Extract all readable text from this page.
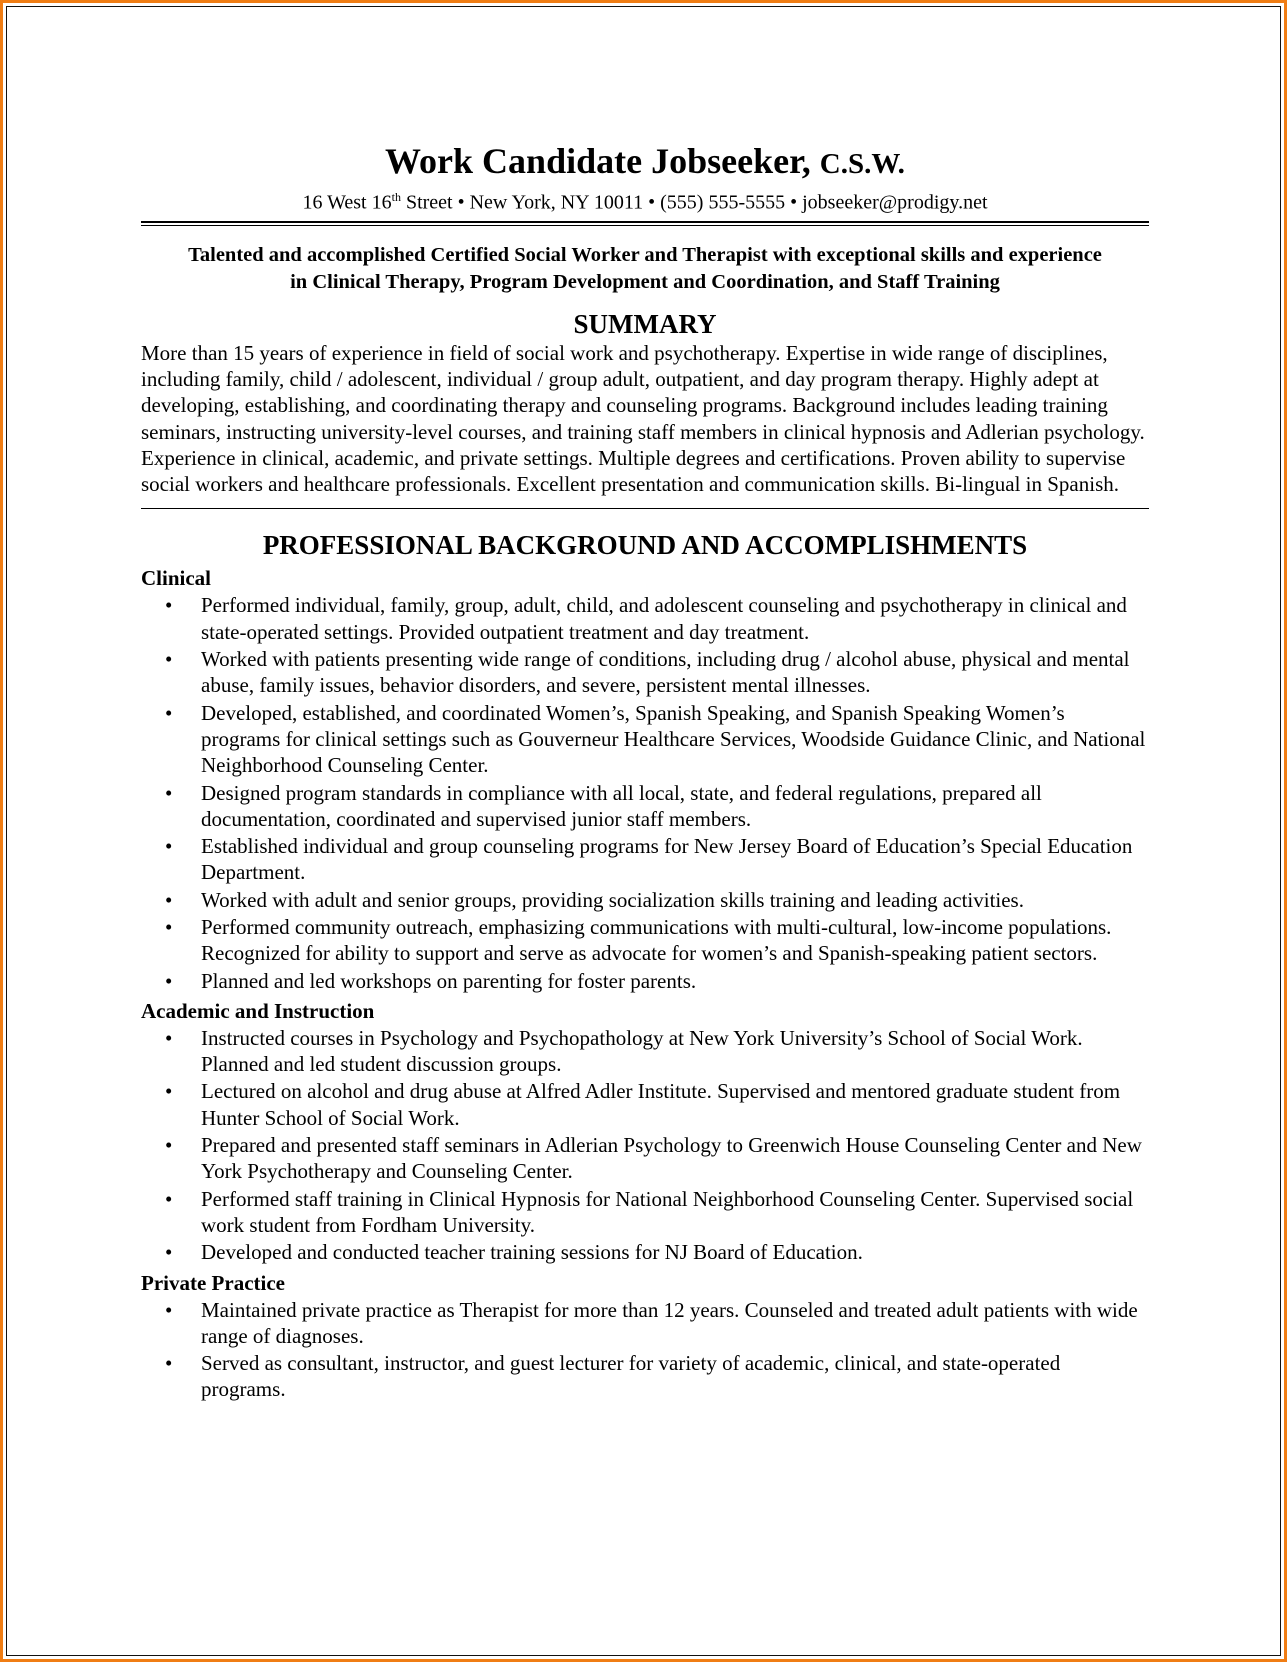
Work Candidate Jobseeker, C.S.W.
16 West 16th Street • New York, NY 10011 • (555) 555-5555 • jobseeker@prodigy.net
Talented and accomplished Certified Social Worker and Therapist with exceptional skills and experience
in Clinical Therapy, Program Development and Coordination, and Staff Training
SUMMARY
More than 15 years of experience in field of social work and psychotherapy. Expertise in wide range of disciplines, including family, child / adolescent, individual / group adult, outpatient, and day program therapy. Highly adept at developing, establishing, and coordinating therapy and counseling programs. Background includes leading training seminars, instructing university-level courses, and training staff members in clinical hypnosis and Adlerian psychology. Experience in clinical, academic, and private settings. Multiple degrees and certifications. Proven ability to supervise social workers and healthcare professionals. Excellent presentation and communication skills. Bi-lingual in Spanish.
PROFESSIONAL BACKGROUND AND ACCOMPLISHMENTS
Clinical
• Performed individual, family, group, adult, child, and adolescent counseling and psychotherapy in clinical and state-operated settings. Provided outpatient treatment and day treatment.
• Worked with patients presenting wide range of conditions, including drug / alcohol abuse, physical and mental abuse, family issues, behavior disorders, and severe, persistent mental illnesses.
• Developed, established, and coordinated Women’s, Spanish Speaking, and Spanish Speaking Women’s programs for clinical settings such as Gouverneur Healthcare Services, Woodside Guidance Clinic, and National Neighborhood Counseling Center.
• Designed program standards in compliance with all local, state, and federal regulations, prepared all documentation, coordinated and supervised junior staff members.
• Established individual and group counseling programs for New Jersey Board of Education’s Special Education Department.
• Worked with adult and senior groups, providing socialization skills training and leading activities.
• Performed community outreach, emphasizing communications with multi-cultural, low-income populations. Recognized for ability to support and serve as advocate for women’s and Spanish-speaking patient sectors.
• Planned and led workshops on parenting for foster parents.
Academic and Instruction
• Instructed courses in Psychology and Psychopathology at New York University’s School of Social Work. Planned and led student discussion groups.
• Lectured on alcohol and drug abuse at Alfred Adler Institute. Supervised and mentored graduate student from Hunter School of Social Work.
• Prepared and presented staff seminars in Adlerian Psychology to Greenwich House Counseling Center and New York Psychotherapy and Counseling Center.
• Performed staff training in Clinical Hypnosis for National Neighborhood Counseling Center. Supervised social work student from Fordham University.
• Developed and conducted teacher training sessions for NJ Board of Education.
Private Practice
• Maintained private practice as Therapist for more than 12 years. Counseled and treated adult patients with wide range of diagnoses.
• Served as consultant, instructor, and guest lecturer for variety of academic, clinical, and state-operated programs.
